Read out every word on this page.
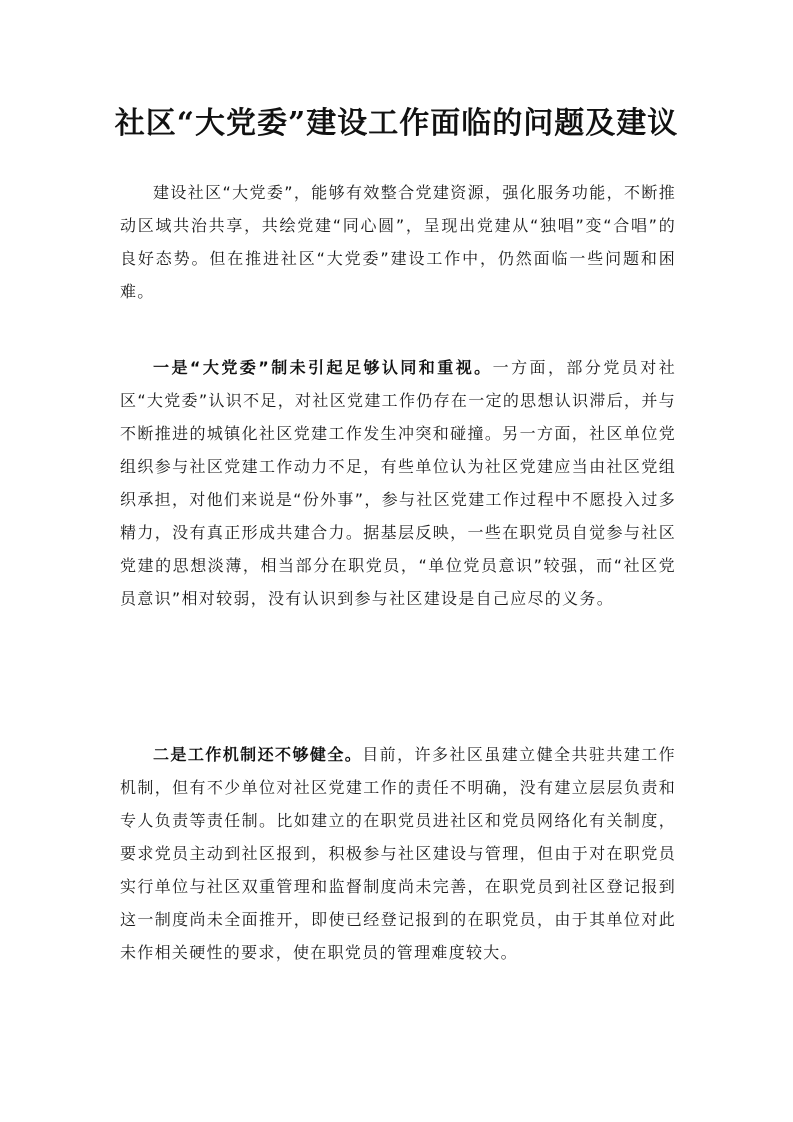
社区“大党委”建设工作面临的问题及建议

建设社区“大党委”，能够有效整合党建资源，强化服务功能，不断推动区域共治共享，共绘党建“同心圆”，呈现出党建从“独唱”变“合唱”的良好态势。但在推进社区“大党委”建设工作中，仍然面临一些问题和困难。

一是“大党委”制未引起足够认同和重视。一方面，部分党员对社区“大党委”认识不足，对社区党建工作仍存在一定的思想认识滞后，并与不断推进的城镇化社区党建工作发生冲突和碰撞。另一方面，社区单位党组织参与社区党建工作动力不足，有些单位认为社区党建应当由社区党组织承担，对他们来说是“份外事”，参与社区党建工作过程中不愿投入过多精力，没有真正形成共建合力。据基层反映，一些在职党员自觉参与社区党建的思想淡薄，相当部分在职党员，“单位党员意识”较强，而“社区党员意识”相对较弱，没有认识到参与社区建设是自己应尽的义务。

二是工作机制还不够健全。目前，许多社区虽建立健全共驻共建工作机制，但有不少单位对社区党建工作的责任不明确，没有建立层层负责和专人负责等责任制。比如建立的在职党员进社区和党员网络化有关制度，要求党员主动到社区报到，积极参与社区建设与管理，但由于对在职党员实行单位与社区双重管理和监督制度尚未完善，在职党员到社区登记报到这一制度尚未全面推开，即使已经登记报到的在职党员，由于其单位对此未作相关硬性的要求，使在职党员的管理难度较大。
